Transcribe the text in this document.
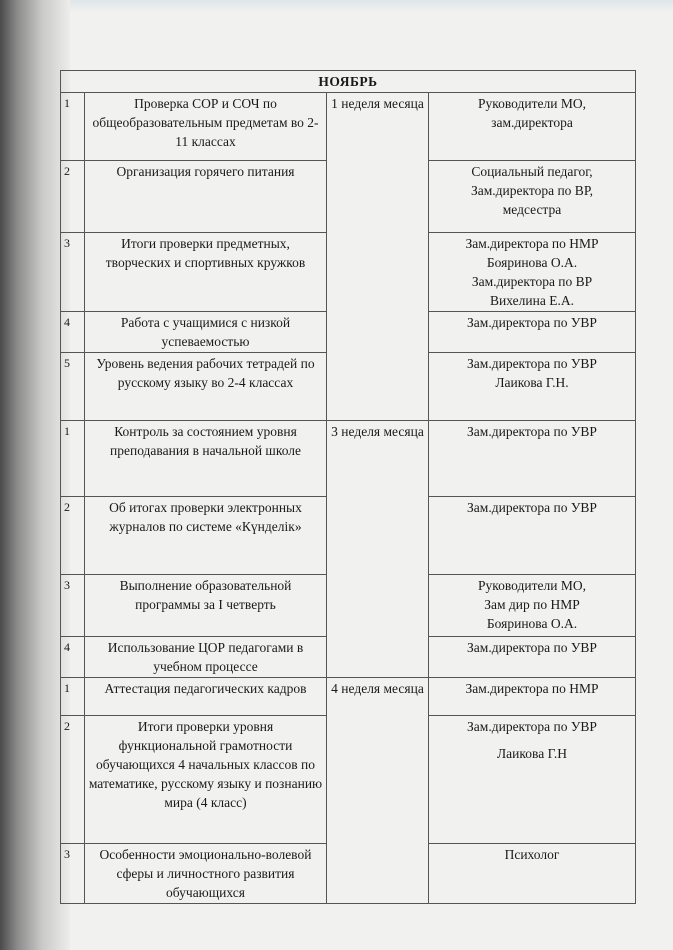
НОЯБРЬ			
1	Проверка СОР и СОЧ по общеобразовательным предметам во 2-11 классах	1 неделя месяца	Руководители МО,
зам.директора

2	Организация горячего питания		Социальный педагог,
Зам.директора по ВР,
медсестра

3	Итоги проверки предметных, творческих и спортивных кружков		Зам.директора по НМР
Бояринова О.А.
Зам.директора по ВР
Вихелина Е.А.

4	Работа с учащимися с низкой успеваемостью		Зам.директора по УВР

5	Уровень ведения рабочих тетрадей по русскому языку во 2-4 классах		Зам.директора по УВР
Лаикова Г.Н.

1	Контроль за состоянием уровня преподавания в начальной школе	3 неделя месяца	Зам.директора по УВР

2	Об итогах проверки электронных журналов по системе «Күнделік»		Зам.директора по УВР

3	Выполнение образовательной программы за I четверть		Руководители МО,
Зам дир по НМР
Бояринова О.А.

4	Использование ЦОР педагогами в учебном процессе		Зам.директора по УВР

1	Аттестация педагогических кадров	4 неделя месяца	Зам.директора по НМР

2	Итоги проверки уровня функциональной грамотности обучающихся 4 начальных классов по математике, русскому языку и познанию мира (4 класс)		Зам.директора по УВР
Лаикова Г.Н

3	Особенности эмоционально-волевой сферы и личностного развития обучающихся		Психолог
